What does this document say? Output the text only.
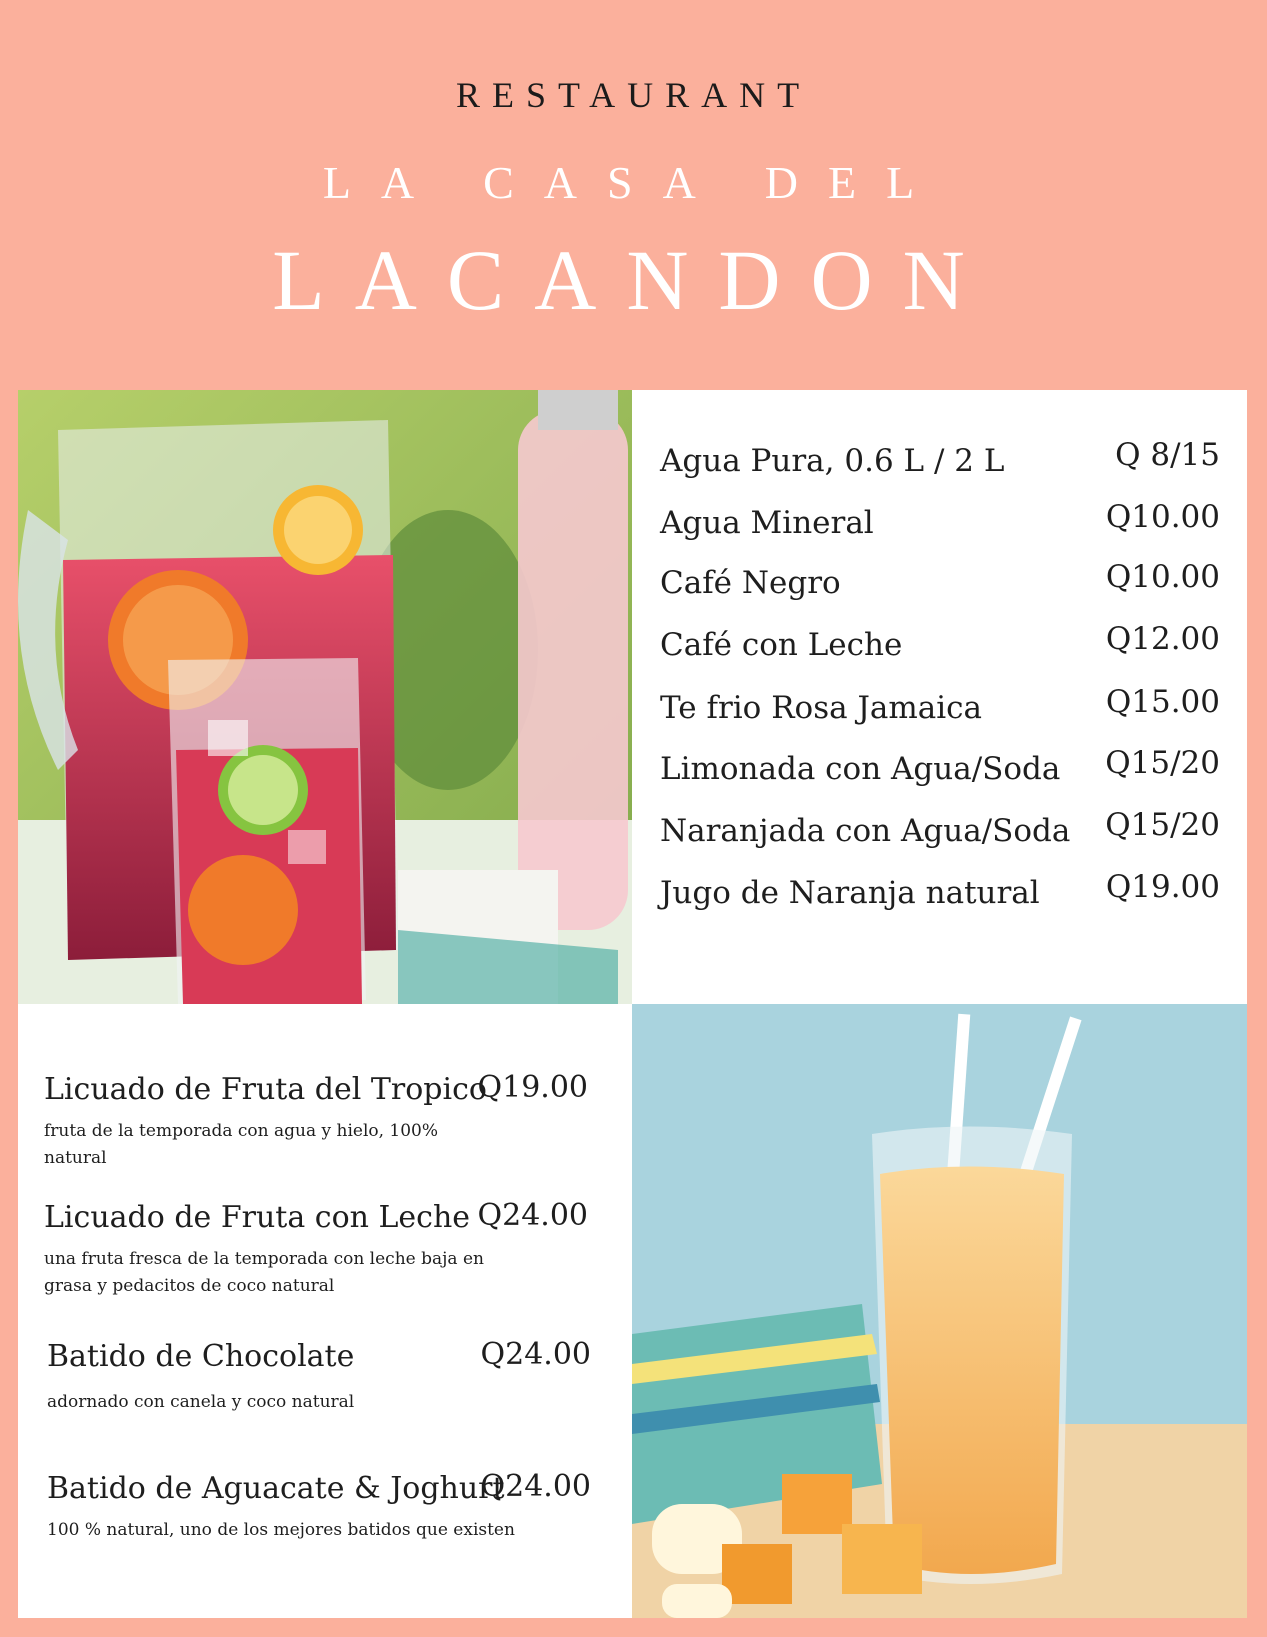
RESTAURANT
LA CASA DEL
LACANDON
Agua Pura, 0.6 L / 2 L	Q 8/15
Agua Mineral	Q10.00
Café Negro	Q10.00
Café con Leche	Q12.00
Te frio Rosa Jamaica	Q15.00
Limonada con Agua/Soda Q15/20
Naranjada con Agua/Soda Q15/20
Jugo de Naranja natural Q19.00
Licuado de Fruta del Tropico
Q19.00
fruta de la temporada con agua y hielo, 100% natural
Licuado de Fruta con Leche Q24.00
una fruta fresca de la temporada con leche baja en grasa y pedacitos de coco natural
Batido de Chocolate	Q24.00
adornado con canela y coco natural
Batido de Aguacate & Joghurt
Q24.00
100 % natural, uno de los mejores batidos que existen
